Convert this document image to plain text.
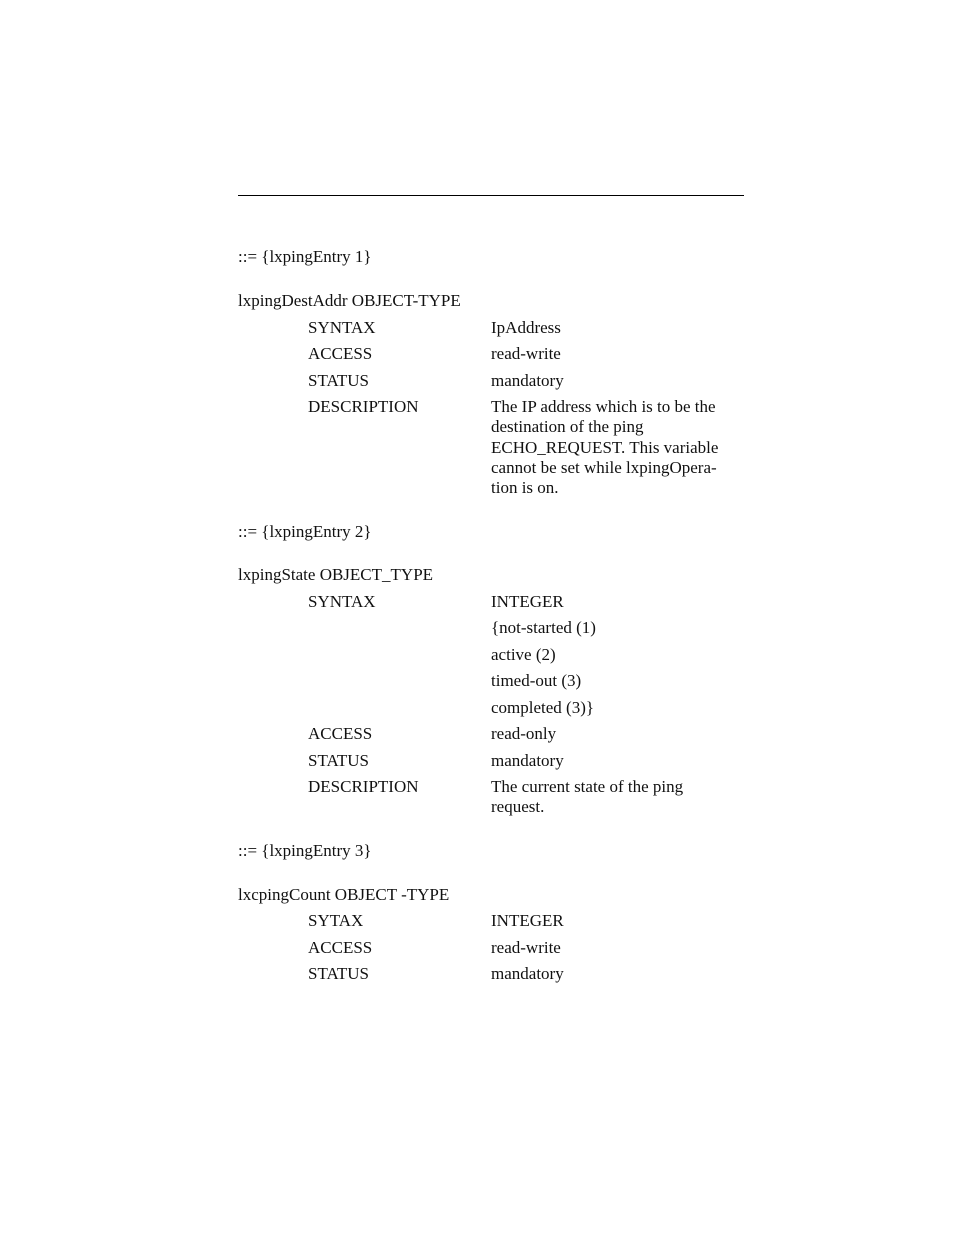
::= {lxpingEntry 1}
lxpingDestAddr OBJECT-TYPE
SYNTAX	IpAddress
ACCESS	read-write
STATUS	mandatory
DESCRIPTION	The IP address which is to be the
destination of the ping
ECHO_REQUEST. This variable
cannot be set while lxpingOpera-
tion is on.
::= {lxpingEntry 2}
lxpingState OBJECT_TYPE
SYNTAX	INTEGER
{not-started (1)
active (2)
timed-out (3)
completed (3)}
ACCESS	read-only
STATUS	mandatory
DESCRIPTION	The current state of the ping
request.
::= {lxpingEntry 3}
lxcpingCount OBJECT -TYPE
SYTAX	INTEGER
ACCESS	read-write
STATUS	mandatory
